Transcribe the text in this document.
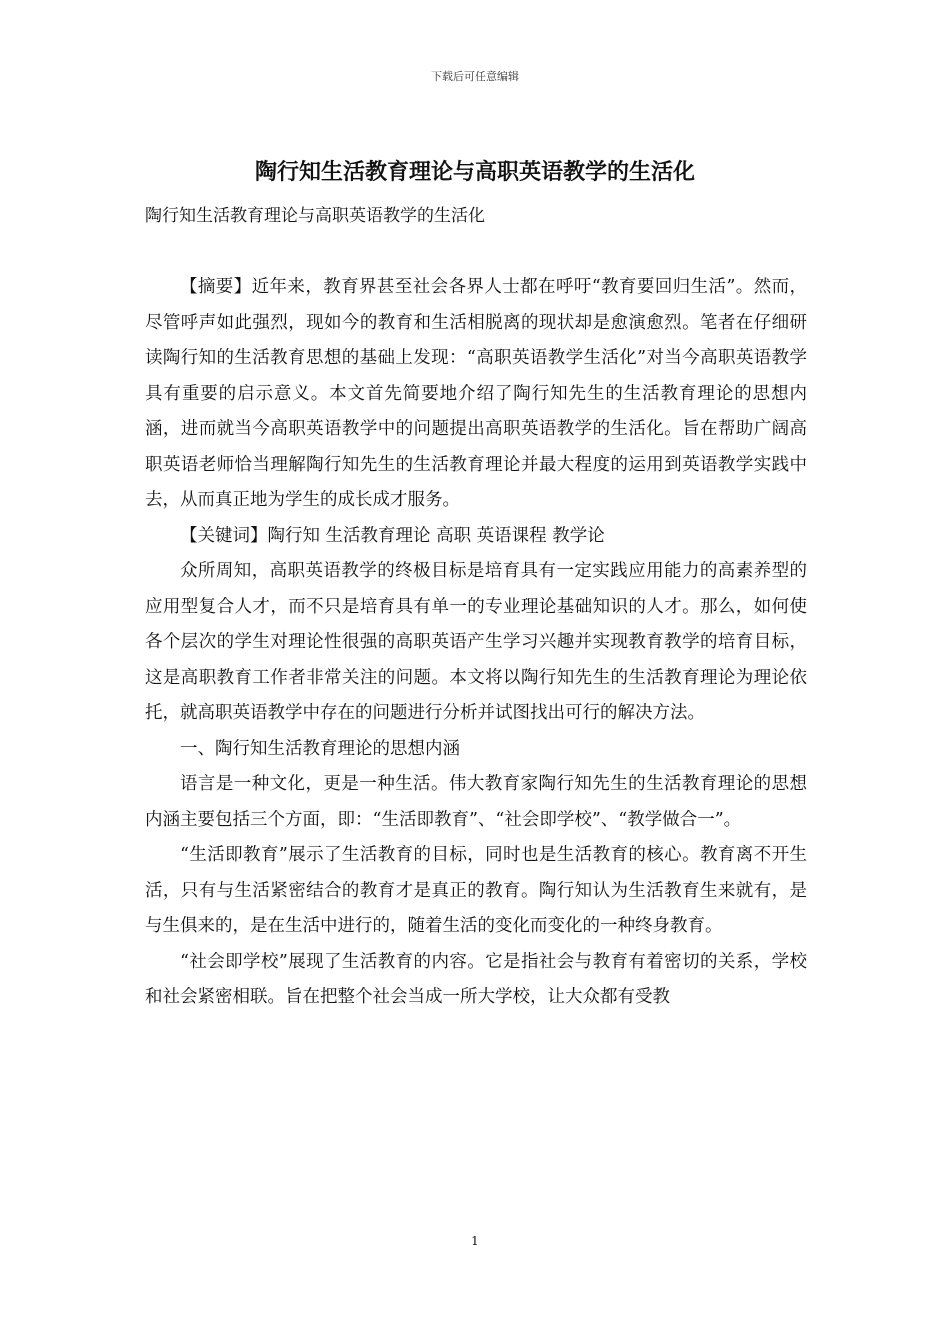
下载后可任意编辑
陶行知生活教育理论与高职英语教学的生活化

陶行知生活教育理论与高职英语教学的生活化

【摘要】近年来，教育界甚至社会各界人士都在呼吁“教育要回归生活”。然而，尽管呼声如此强烈，现如今的教育和生活相脱离的现状却是愈演愈烈。笔者在仔细研读陶行知的生活教育思想的基础上发现：“高职英语教学生活化”对当今高职英语教学具有重要的启示意义。本文首先简要地介绍了陶行知先生的生活教育理论的思想内涵，进而就当今高职英语教学中的问题提出高职英语教学的生活化。旨在帮助广阔高职英语老师恰当理解陶行知先生的生活教育理论并最大程度的运用到英语教学实践中去，从而真正地为学生的成长成才服务。

【关键词】陶行知 生活教育理论 高职 英语课程 教学论

众所周知，高职英语教学的终极目标是培育具有一定实践应用能力的高素养型的应用型复合人才，而不只是培育具有单一的专业理论基础知识的人才。那么，如何使各个层次的学生对理论性很强的高职英语产生学习兴趣并实现教育教学的培育目标，这是高职教育工作者非常关注的问题。本文将以陶行知先生的生活教育理论为理论依托，就高职英语教学中存在的问题进行分析并试图找出可行的解决方法。

一、陶行知生活教育理论的思想内涵

语言是一种文化，更是一种生活。伟大教育家陶行知先生的生活教育理论的思想内涵主要包括三个方面，即：“生活即教育”、“社会即学校”、“教学做合一”。

“生活即教育”展示了生活教育的目标，同时也是生活教育的核心。教育离不开生活，只有与生活紧密结合的教育才是真正的教育。陶行知认为生活教育生来就有，是与生俱来的，是在生活中进行的，随着生活的变化而变化的一种终身教育。

“社会即学校”展现了生活教育的内容。它是指社会与教育有着密切的关系，学校和社会紧密相联。旨在把整个社会当成一所大学校，让大众都有受教

1
